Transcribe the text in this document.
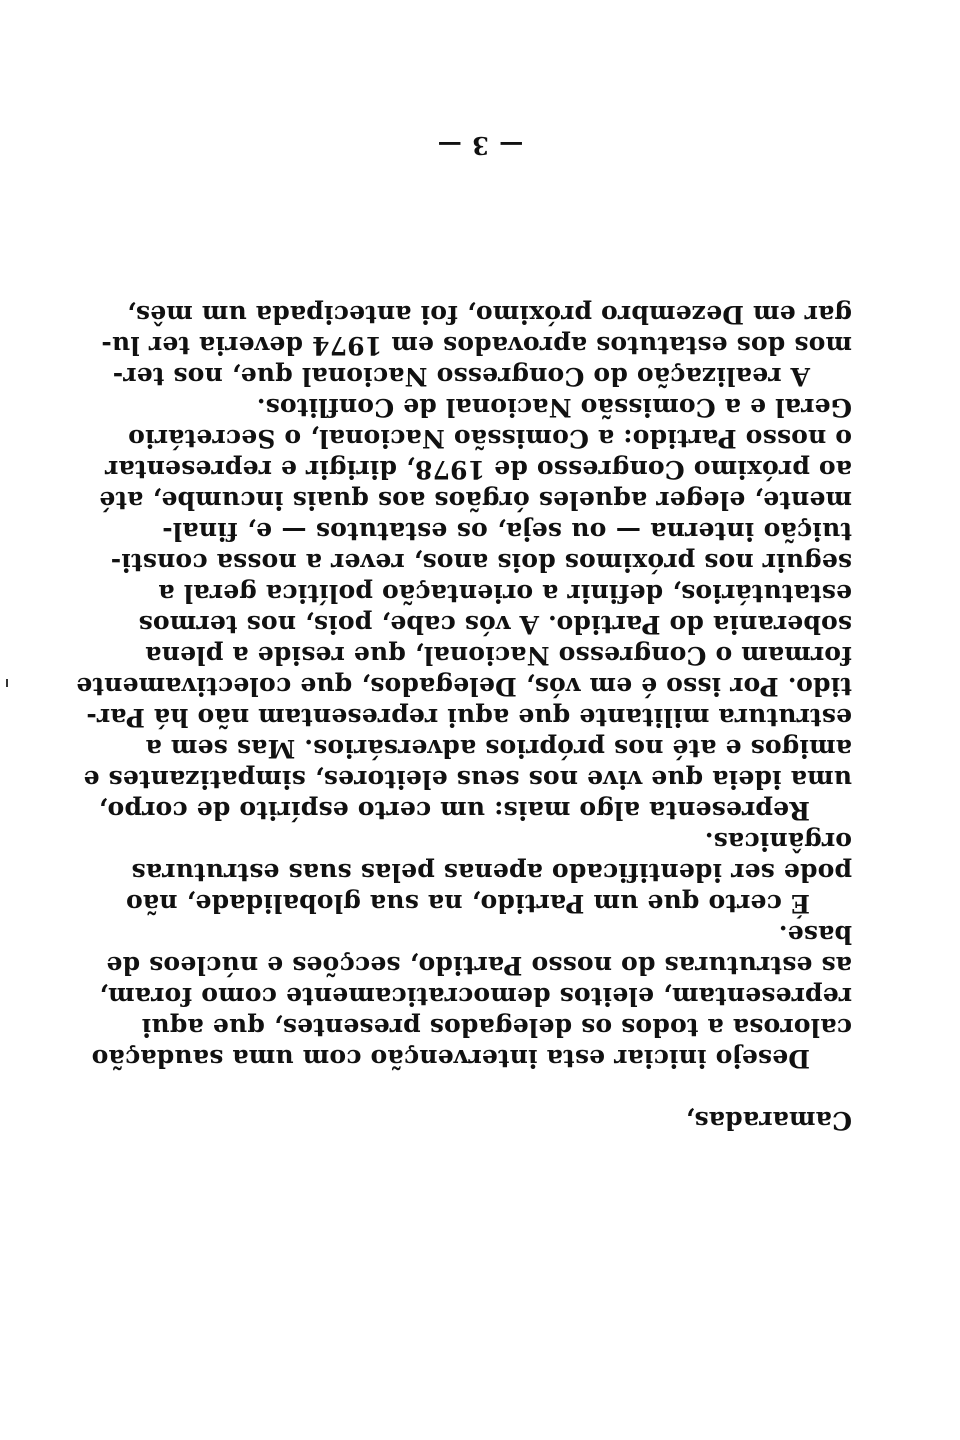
Camaradas,
Desejo iniciar esta intervenção com uma saudação
calorosa a todos os delegados presentes, que aqui
representam, eleitos democraticamente como foram,
as estruturas do nosso Partido, secções e núcleos de
base.
É certo que um Partido, na sua globalidade, não
pode ser identificado apenas pelas suas estruturas
orgânicas.
Representa algo mais: um certo espírito de corpo,
uma ideia que vive nos seus eleitores, simpatizantes e
amigos e até nos próprios adversários. Mas sem a
estrutura militante que aqui representam não há Par-
tido. Por isso é em vós, Delegados, que colectivamente
formam o Congresso Nacional, que reside a plena
soberania do Partido. A vós cabe, pois, nos termos
estatutários, definir a orientação política geral a
seguir nos próximos dois anos, rever a nossa consti-
tuição interna — ou seja, os estatutos — e, final-
mente, eleger aqueles órgãos aos quais incumbe, até
ao próximo Congresso de 1978, dirigir e representar
o nosso Partido: a Comissão Nacional, o Secretário
Geral e a Comissão Nacional de Conflitos.
A realização do Congresso Nacional que, nos ter-
mos dos estatutos aprovados em 1974 deveria ter lu-
gar em Dezembro próximo, foi antecipada um mês,
— 3 —
